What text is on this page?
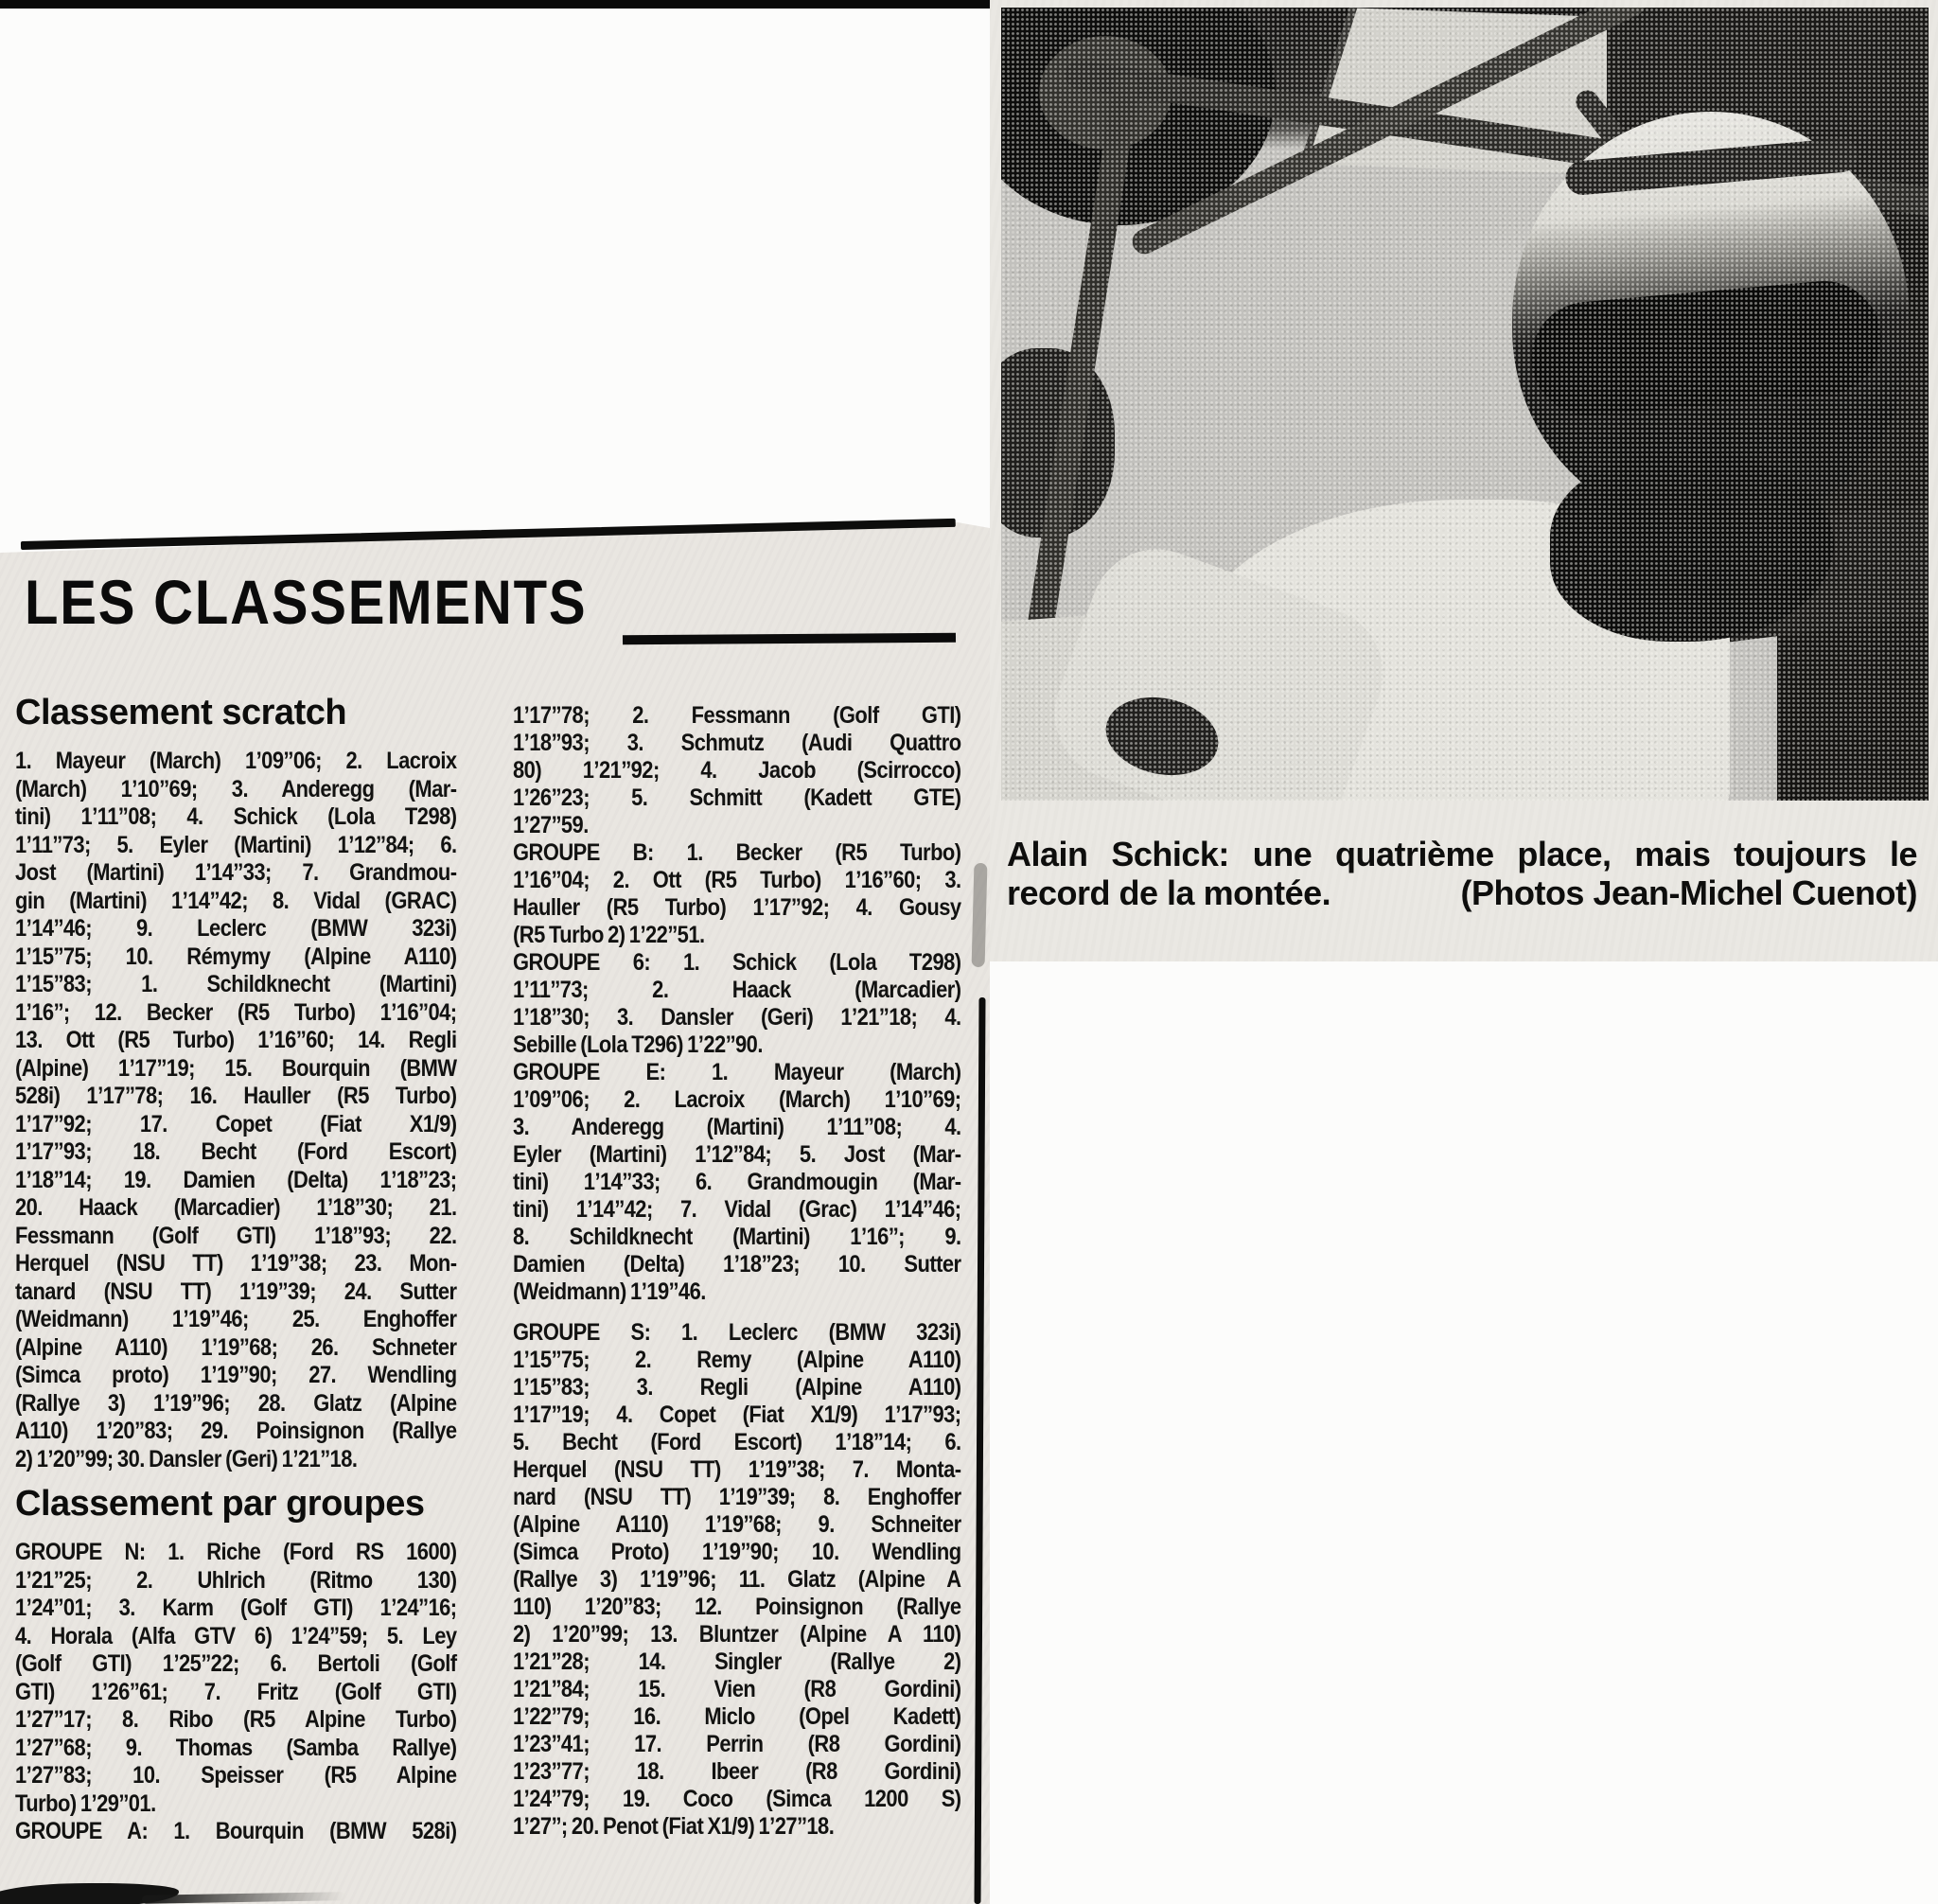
LES CLASSEMENTS
Classement scratch
1. Mayeur (March) 1’09’’06; 2. Lacroix
(March) 1’10’’69; 3. Anderegg (Mar-
tini) 1’11’’08; 4. Schick (Lola T298)
1’11’’73; 5. Eyler (Martini) 1’12’’84; 6.
Jost (Martini) 1’14’’33; 7. Grandmou-
gin (Martini) 1’14’’42; 8. Vidal (GRAC)
1’14’’46; 9. Leclerc (BMW 323i)
1’15’’75; 10. Rémymy (Alpine A110)
1’15’’83; 1. Schildknecht (Martini)
1’16’’; 12. Becker (R5 Turbo) 1’16’’04;
13. Ott (R5 Turbo) 1’16’’60; 14. Regli
(Alpine) 1’17’’19; 15. Bourquin (BMW
528i) 1’17’’78; 16. Hauller (R5 Turbo)
1’17’’92; 17. Copet (Fiat X1/9)
1’17’’93; 18. Becht (Ford Escort)
1’18’’14; 19. Damien (Delta) 1’18’’23;
20. Haack (Marcadier) 1’18’’30; 21.
Fessmann (Golf GTI) 1’18’’93; 22.
Herquel (NSU TT) 1’19’’38; 23. Mon-
tanard (NSU TT) 1’19’’39; 24. Sutter
(Weidmann) 1’19’’46; 25. Enghoffer
(Alpine A110) 1’19’’68; 26. Schneter
(Simca proto) 1’19’’90; 27. Wendling
(Rallye 3) 1’19’’96; 28. Glatz (Alpine
A110) 1’20’’83; 29. Poinsignon (Rallye
2) 1’20’’99; 30. Dansler (Geri) 1’21’’18.
Classement par groupes
GROUPE N: 1. Riche (Ford RS 1600)
1’21’’25; 2. Uhlrich (Ritmo 130)
1’24’’01; 3. Karm (Golf GTI) 1’24’’16;
4. Horala (Alfa GTV 6) 1’24’’59; 5. Ley
(Golf GTI) 1’25’’22; 6. Bertoli (Golf
GTI) 1’26’’61; 7. Fritz (Golf GTI)
1’27’’17; 8. Ribo (R5 Alpine Turbo)
1’27’’68; 9. Thomas (Samba Rallye)
1’27’’83; 10. Speisser (R5 Alpine
Turbo) 1’29’’01.
GROUPE A: 1. Bourquin (BMW 528i)
1’17’’78; 2. Fessmann (Golf GTI)
1’18’’93; 3. Schmutz (Audi Quattro
80) 1’21’’92; 4. Jacob (Scirrocco)
1’26’’23; 5. Schmitt (Kadett GTE)
1’27’’59.
GROUPE B: 1. Becker (R5 Turbo)
1’16’’04; 2. Ott (R5 Turbo) 1’16’’60; 3.
Hauller (R5 Turbo) 1’17’’92; 4. Gousy
(R5 Turbo 2) 1’22’’51.
GROUPE 6: 1. Schick (Lola T298)
1’11’’73; 2. Haack (Marcadier)
1’18’’30; 3. Dansler (Geri) 1’21’’18; 4.
Sebille (Lola T296) 1’22’’90.
GROUPE E: 1. Mayeur (March)
1’09’’06; 2. Lacroix (March) 1’10’’69;
3. Anderegg (Martini) 1’11’’08; 4.
Eyler (Martini) 1’12’’84; 5. Jost (Mar-
tini) 1’14’’33; 6. Grandmougin (Mar-
tini) 1’14’’42; 7. Vidal (Grac) 1’14’’46;
8. Schildknecht (Martini) 1’16’’; 9.
Damien (Delta) 1’18’’23; 10. Sutter
(Weidmann) 1’19’’46.
GROUPE S: 1. Leclerc (BMW 323i)
1’15’’75; 2. Remy (Alpine A110)
1’15’’83; 3. Regli (Alpine A110)
1’17’’19; 4. Copet (Fiat X1/9) 1’17’’93;
5. Becht (Ford Escort) 1’18’’14; 6.
Herquel (NSU TT) 1’19’’38; 7. Monta-
nard (NSU TT) 1’19’’39; 8. Enghoffer
(Alpine A110) 1’19’’68; 9. Schneiter
(Simca Proto) 1’19’’90; 10. Wendling
(Rallye 3) 1’19’’96; 11. Glatz (Alpine A
110) 1’20’’83; 12. Poinsignon (Rallye
2) 1’20’’99; 13. Bluntzer (Alpine A 110)
1’21’’28; 14. Singler (Rallye 2)
1’21’’84; 15. Vien (R8 Gordini)
1’22’’79; 16. Miclo (Opel Kadett)
1’23’’41; 17. Perrin (R8 Gordini)
1’23’’77; 18. Ibeer (R8 Gordini)
1’24’’79; 19. Coco (Simca 1200 S)
1’27’’; 20. Penot (Fiat X1/9) 1’27’’18.
Alain Schick: une quatrième place, mais toujours le
record de la montée.	(Photos Jean-Michel Cuenot)
